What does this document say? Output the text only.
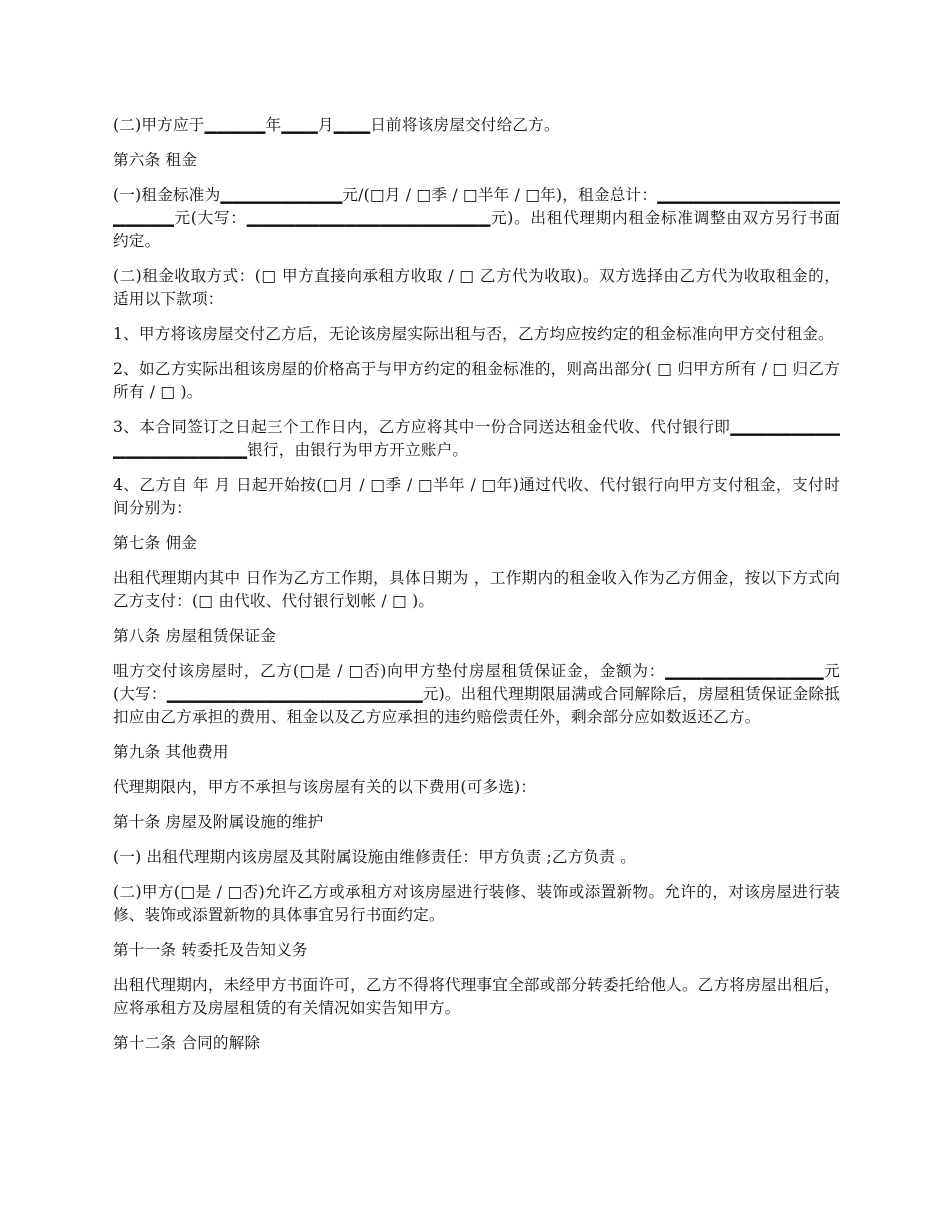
(二)甲方应于▁▁▁▁▁年▁▁▁月▁▁▁日前将该房屋交付给乙方。

第六条 租金

(一)租金标准为▁▁▁▁▁▁▁▁▁▁元/(□月 / □季 / □半年 / □年)，租金总计：▁▁▁▁▁▁▁▁▁▁▁▁▁▁▁▁▁▁▁▁元(大写：▁▁▁▁▁▁▁▁▁▁▁▁▁▁▁▁▁▁▁▁元)。出租代理期内租金标准调整由双方另行书面约定。

(二)租金收取方式：(□ 甲方直接向承租方收取 / □ 乙方代为收取)。双方选择由乙方代为收取租金的，适用以下款项：

1、甲方将该房屋交付乙方后，无论该房屋实际出租与否，乙方均应按约定的租金标准向甲方交付租金。

2、如乙方实际出租该房屋的价格高于与甲方约定的租金标准的，则高出部分( □ 归甲方所有 / □ 归乙方所有 / □ )。

3、本合同签订之日起三个工作日内，乙方应将其中一份合同送达租金代收、代付银行即▁▁▁▁▁▁▁▁▁▁▁▁▁▁▁▁▁▁▁▁银行，由银行为甲方开立账户。

4、乙方自 年 月 日起开始按(□月 / □季 / □半年 / □年)通过代收、代付银行向甲方支付租金，支付时间分别为：

第七条 佣金

出租代理期内其中 日作为乙方工作期，具体日期为 ，工作期内的租金收入作为乙方佣金，按以下方式向乙方支付：(□ 由代收、代付银行划帐 / □ )。

第八条 房屋租赁保证金

咀方交付该房屋时，乙方(□是 / □否)向甲方垫付房屋租赁保证金，金额为：▁▁▁▁▁▁▁▁▁▁▁▁▁元(大写：▁▁▁▁▁▁▁▁▁▁▁▁▁▁▁▁▁▁▁▁▁元)。出租代理期限届满或合同解除后，房屋租赁保证金除抵扣应由乙方承担的费用、租金以及乙方应承担的违约赔偿责任外，剩余部分应如数返还乙方。

第九条 其他费用

代理期限内，甲方不承担与该房屋有关的以下费用(可多选)：

第十条 房屋及附属设施的维护

(一) 出租代理期内该房屋及其附属设施由维修责任：甲方负责 ;乙方负责 。

(二)甲方(□是 / □否)允许乙方或承租方对该房屋进行装修、装饰或添置新物。允许的，对该房屋进行装修、装饰或添置新物的具体事宜另行书面约定。

第十一条 转委托及告知义务

出租代理期内，未经甲方书面许可，乙方不得将代理事宜全部或部分转委托给他人。乙方将房屋出租后，应将承租方及房屋租赁的有关情况如实告知甲方。

第十二条 合同的解除
